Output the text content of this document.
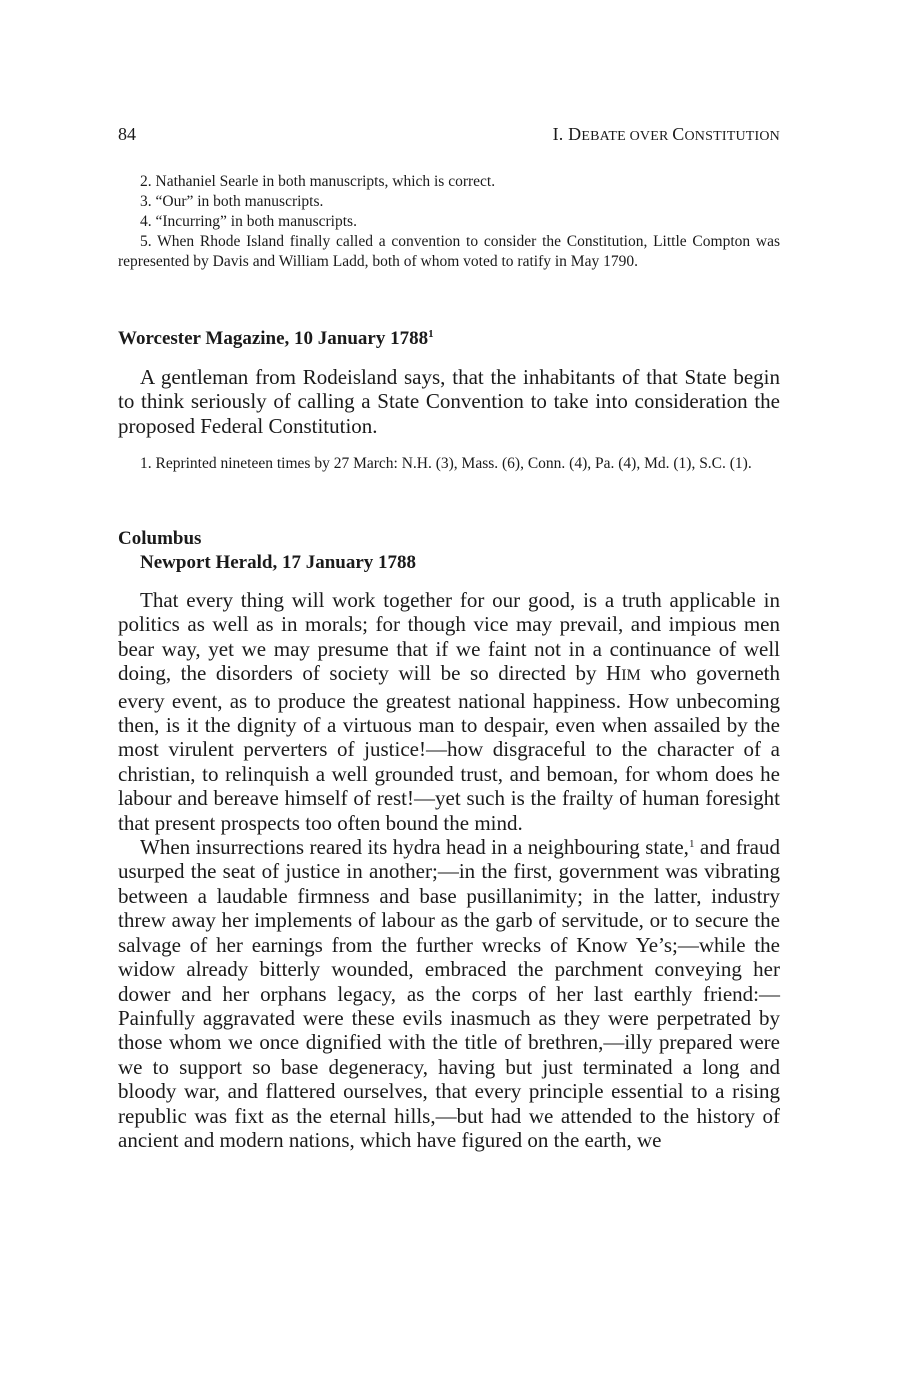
84	I. DEBATE OVER CONSTITUTION

2. Nathaniel Searle in both manuscripts, which is correct.

3. “Our” in both manuscripts.

4. “Incurring” in both manuscripts.

5. When Rhode Island finally called a convention to consider the Constitution, Little Compton was represented by Davis and William Ladd, both of whom voted to ratify in May 1790.

Worcester Magazine, 10 January 1788$^1$

A gentleman from Rodeisland says, that the inhabitants of that State begin to think seriously of calling a State Convention to take into consideration the proposed Federal Constitution.

1. Reprinted nineteen times by 27 March: N.H. (3), Mass. (6), Conn. (4), Pa. (4), Md. (1), S.C. (1).

Columbus

Newport Herald, 17 January 1788

That every thing will work together for our good, is a truth applicable in politics as well as in morals; for though vice may prevail, and impious men bear way, yet we may presume that if we faint not in a continuance of well doing, the disorders of society will be so directed by HIM who governeth every event, as to produce the greatest national happiness. How unbecoming then, is it the dignity of a virtuous man to despair, even when assailed by the most virulent perverters of justice!—how disgraceful to the character of a christian, to relinquish a well grounded trust, and bemoan, for whom does he labour and bereave himself of rest!—yet such is the frailty of human foresight that present prospects too often bound the mind.

When insurrections reared its hydra head in a neighbouring state,$^1$ and fraud usurped the seat of justice in another;—in the first, government was vibrating between a laudable firmness and base pusillanimity; in the latter, industry threw away her implements of labour as the garb of servitude, or to secure the salvage of her earnings from the further wrecks of Know Ye’s;—while the widow already bitterly wounded, embraced the parchment conveying her dower and her orphans legacy, as the corps of her last earthly friend:—Painfully aggravated were these evils inasmuch as they were perpetrated by those whom we once dignified with the title of brethren,—illy prepared were we to support so base degeneracy, having but just terminated a long and bloody war, and flattered ourselves, that every principle essential to a rising republic was fixt as the eternal hills,—but had we attended to the history of ancient and modern nations, which have figured on the earth, we
